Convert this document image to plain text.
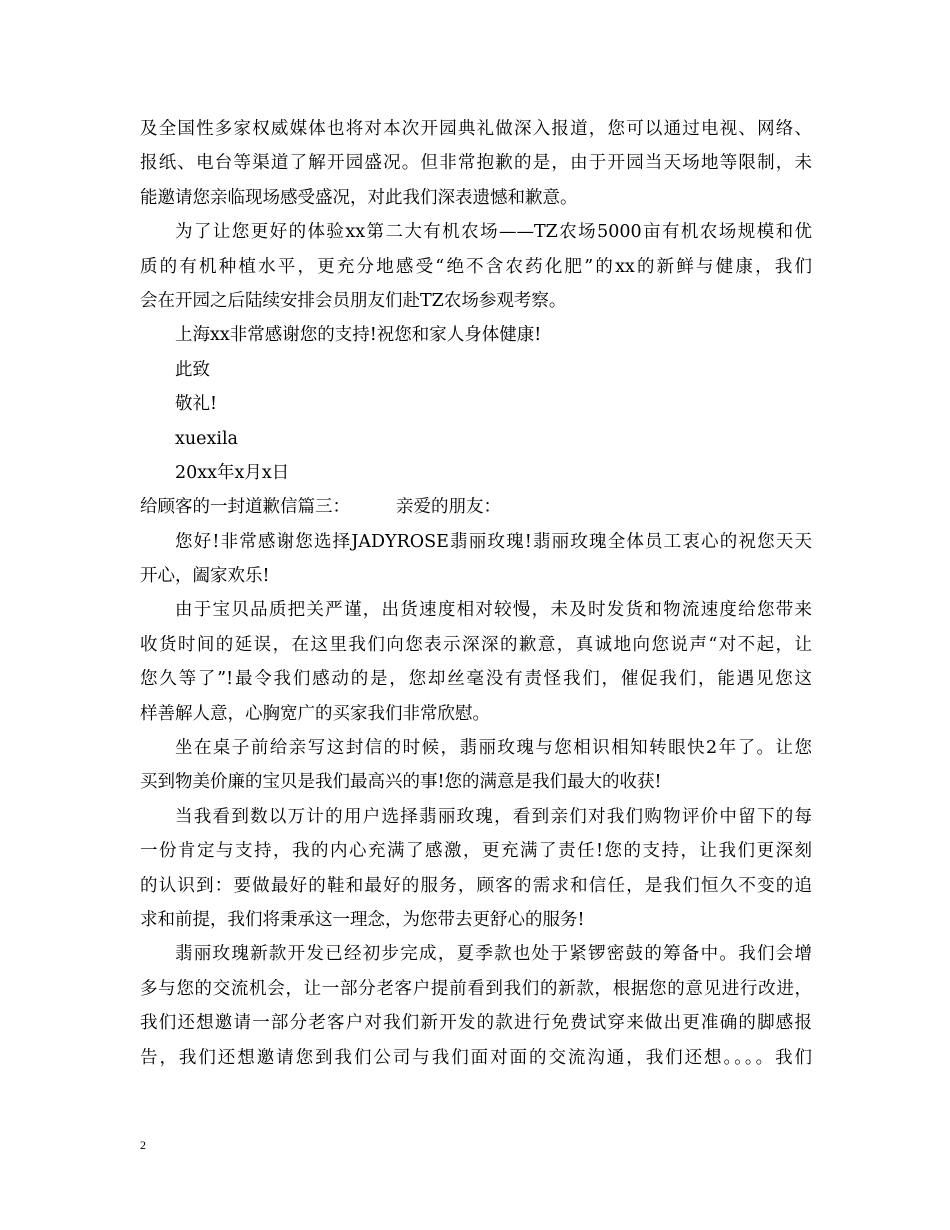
及全国性多家权威媒体也将对本次开园典礼做深入报道，您可以通过电视、网络、
报纸、电台等渠道了解开园盛况。但非常抱歉的是，由于开园当天场地等限制，未
能邀请您亲临现场感受盛况，对此我们深表遗憾和歉意。
为了让您更好的体验xx第二大有机农场——TZ农场5000亩有机农场规模和优
质的有机种植水平，更充分地感受“绝不含农药化肥”的xx的新鲜与健康，我们
会在开园之后陆续安排会员朋友们赴TZ农场参观考察。
上海xx非常感谢您的支持!祝您和家人身体健康!
此致
敬礼!
xuexila
20xx年x月x日
给顾客的一封道歉信篇三：	亲爱的朋友：
您好!非常感谢您选择JADYROSE翡丽玫瑰!翡丽玫瑰全体员工衷心的祝您天天
开心，阖家欢乐!
由于宝贝品质把关严谨，出货速度相对较慢，未及时发货和物流速度给您带来
收货时间的延误，在这里我们向您表示深深的歉意，真诚地向您说声“对不起，让
您久等了”!最令我们感动的是，您却丝毫没有责怪我们，催促我们，能遇见您这
样善解人意，心胸宽广的买家我们非常欣慰。
坐在桌子前给亲写这封信的时候，翡丽玫瑰与您相识相知转眼快2年了。让您
买到物美价廉的宝贝是我们最高兴的事!您的满意是我们最大的收获!
当我看到数以万计的用户选择翡丽玫瑰，看到亲们对我们购物评价中留下的每
一份肯定与支持，我的内心充满了感激，更充满了责任!您的支持，让我们更深刻
的认识到：要做最好的鞋和最好的服务，顾客的需求和信任，是我们恒久不变的追
求和前提，我们将秉承这一理念，为您带去更舒心的服务!
翡丽玫瑰新款开发已经初步完成，夏季款也处于紧锣密鼓的筹备中。我们会增
多与您的交流机会，让一部分老客户提前看到我们的新款，根据您的意见进行改进，
我们还想邀请一部分老客户对我们新开发的款进行免费试穿来做出更准确的脚感报
告，我们还想邀请您到我们公司与我们面对面的交流沟通，我们还想。。。。我们
2
